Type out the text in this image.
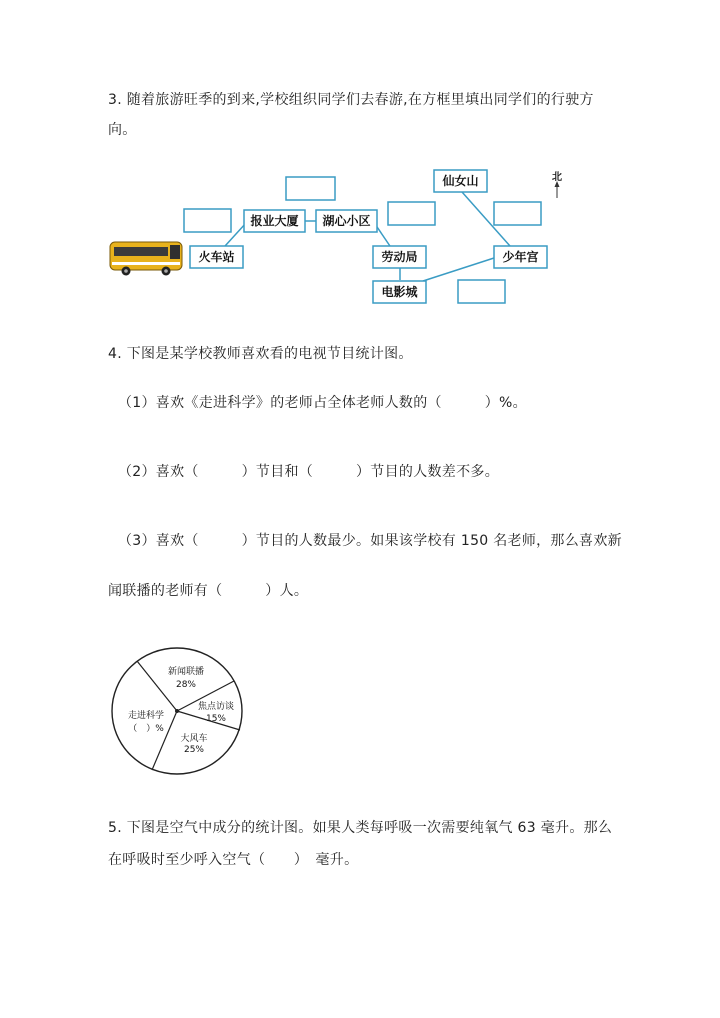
3. 随着旅游旺季的到来,学校组织同学们去春游,在方框里填出同学们的行驶方
向。
火车站
报业大厦 湖心小区
劳动局
电影城
仙女山
少年宫
北
4. 下图是某学校教师喜欢看的电视节目统计图。
（1）喜欢《走进科学》的老师占全体老师人数的（　　　）%。
（2）喜欢（　　　）节目和（　　　）节目的人数差不多。
（3）喜欢（　　　）节目的人数最少。如果该学校有 150 名老师，那么喜欢新
闻联播的老师有（　　　）人。
新闻联播
28%
焦点访谈
15%
大风车
25%
走进科学
（　）%
5. 下图是空气中成分的统计图。如果人类每呼吸一次需要纯氧气 63 毫升。那么
在呼吸时至少呼入空气（　　）　毫升。
